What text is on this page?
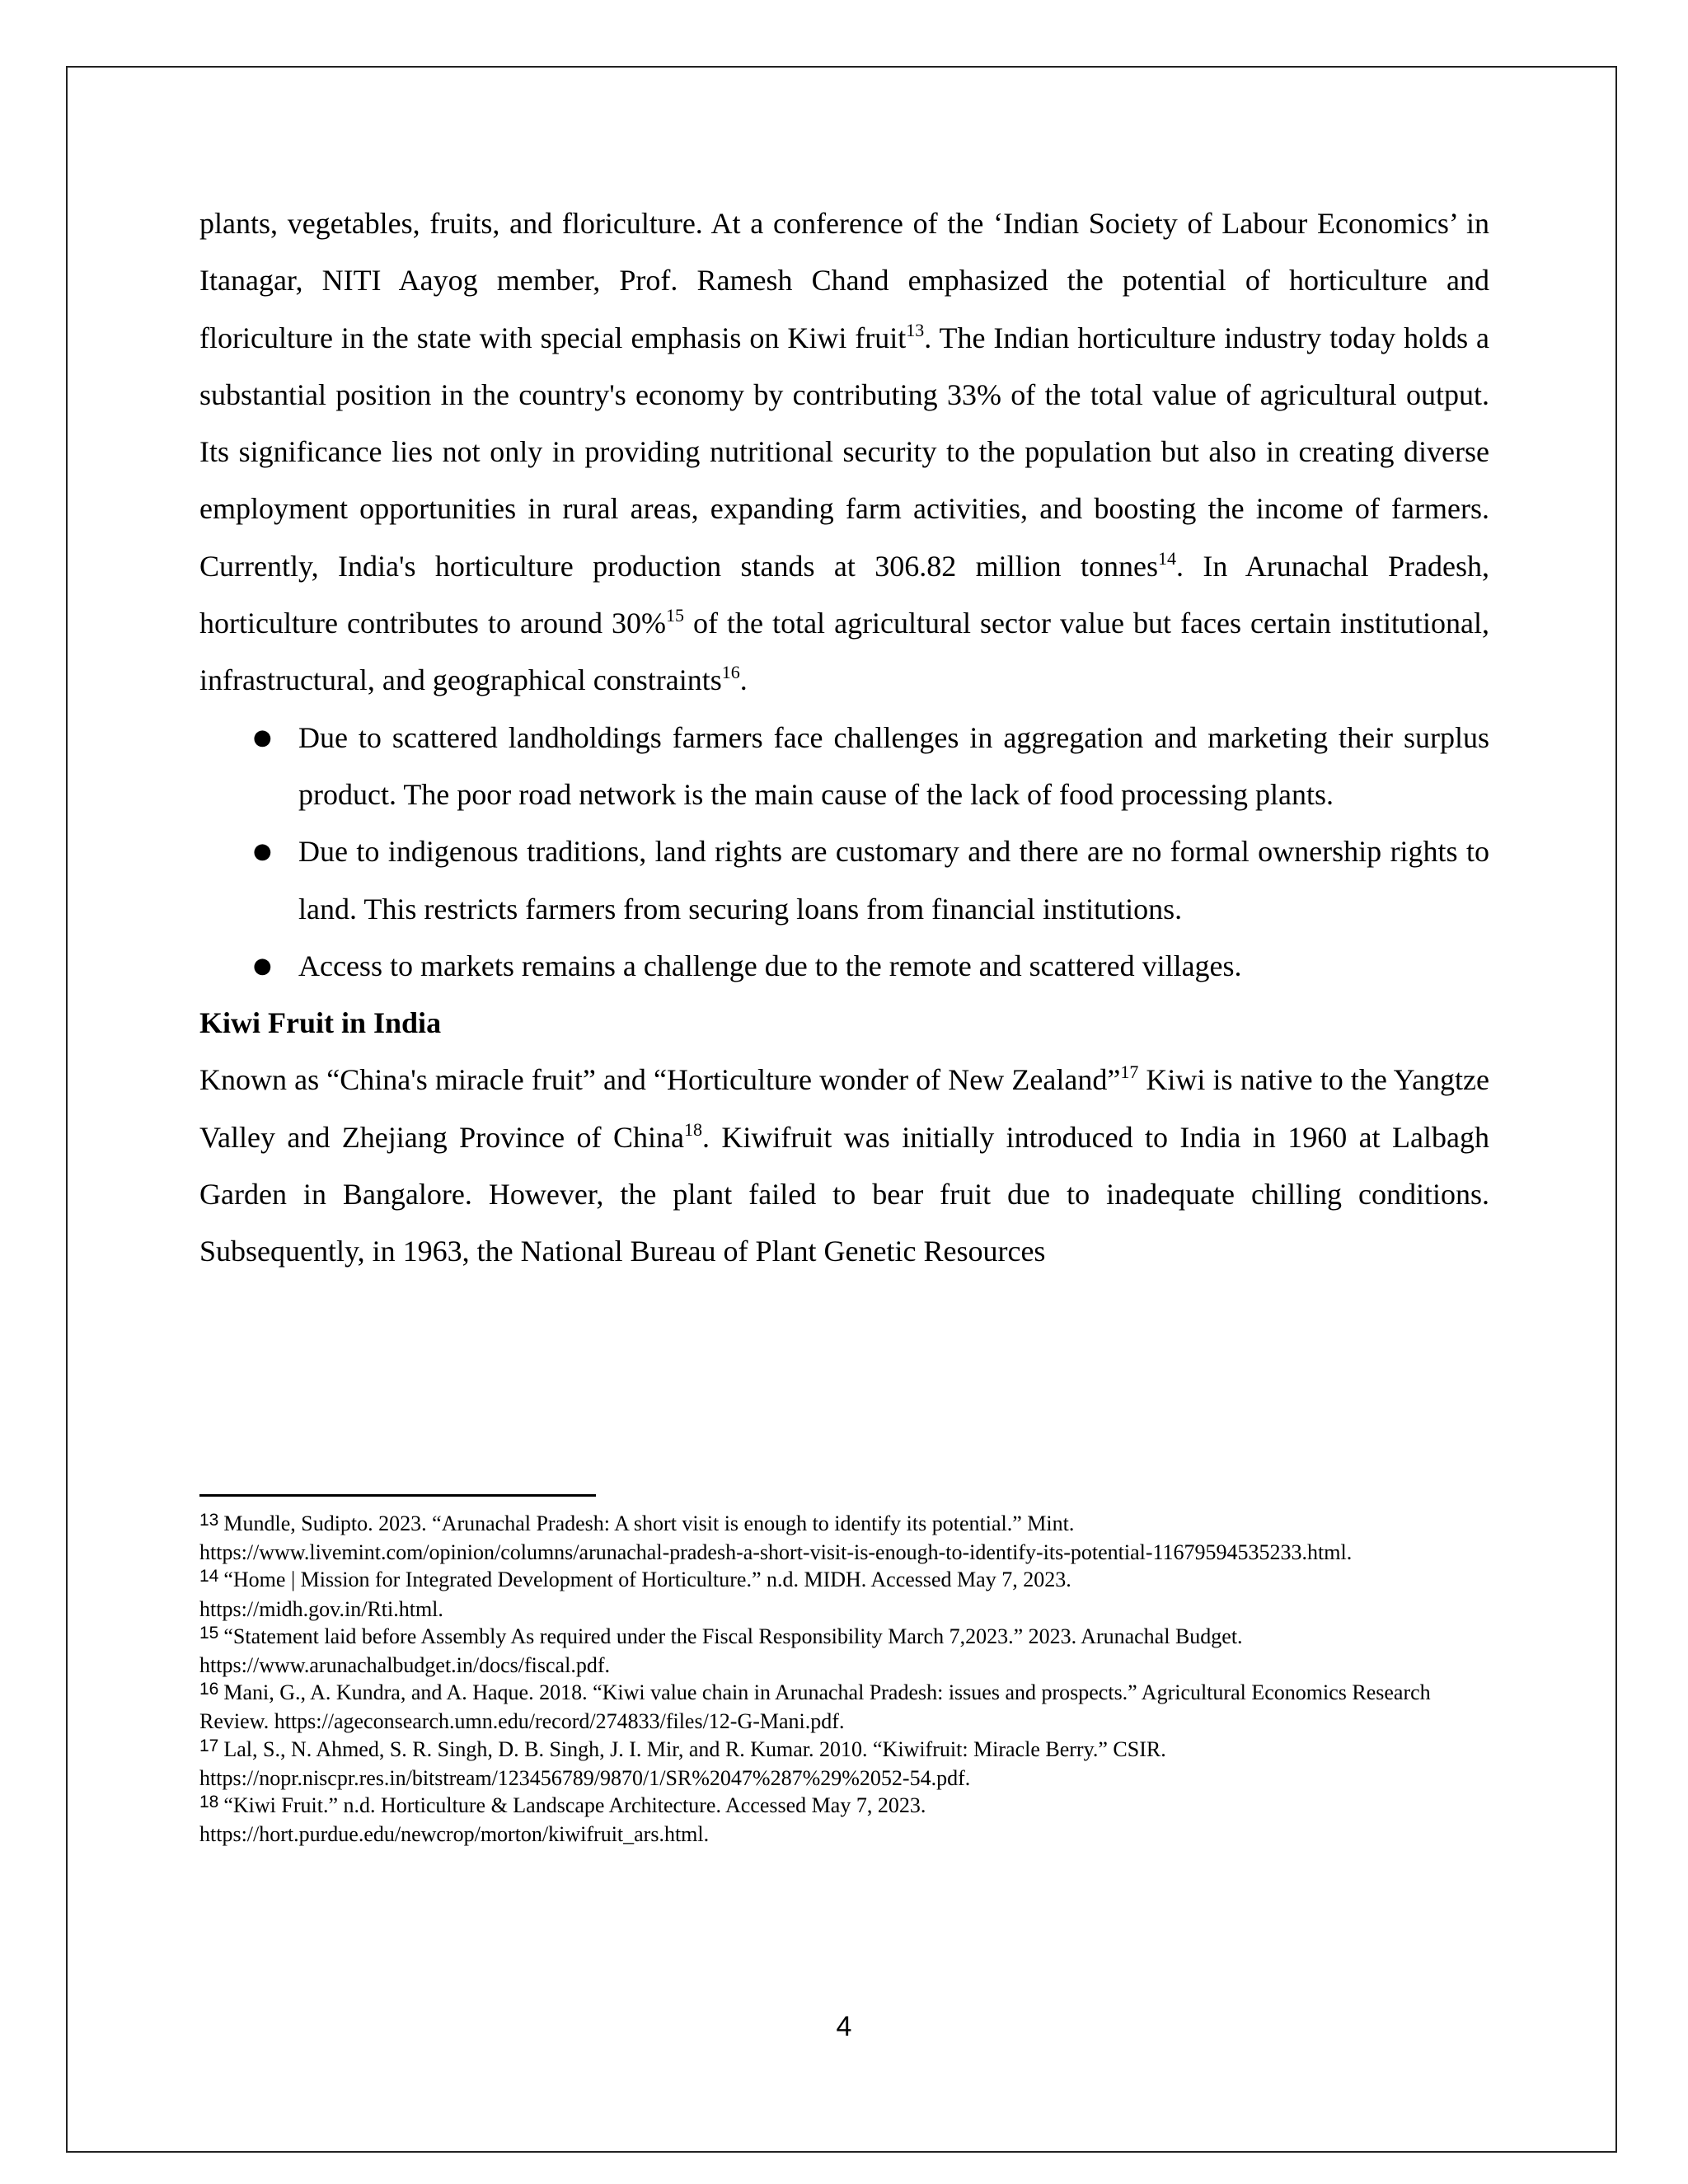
plants, vegetables, fruits, and floriculture. At a conference of the ‘Indian Society of Labour Economics’ in Itanagar, NITI Aayog member, Prof. Ramesh Chand emphasized the potential of horticulture and floriculture in the state with special emphasis on Kiwi fruit$^{13}$. The Indian horticulture industry today holds a substantial position in the country's economy by contributing 33% of the total value of agricultural output. Its significance lies not only in providing nutritional security to the population but also in creating diverse employment opportunities in rural areas, expanding farm activities, and boosting the income of farmers. Currently, India's horticulture production stands at 306.82 million tonnes$^{14}$. In Arunachal Pradesh, horticulture contributes to around 30%$^{15}$ of the total agricultural sector value but faces certain institutional, infrastructural, and geographical constraints$^{16}$.

● Due to scattered landholdings farmers face challenges in aggregation and marketing their surplus product. The poor road network is the main cause of the lack of food processing plants.
● Due to indigenous traditions, land rights are customary and there are no formal ownership rights to land. This restricts farmers from securing loans from financial institutions.
● Access to markets remains a challenge due to the remote and scattered villages.

Kiwi Fruit in India

Known as “China's miracle fruit” and “Horticulture wonder of New Zealand”$^{17}$ Kiwi is native to the Yangtze Valley and Zhejiang Province of China$^{18}$. Kiwifruit was initially introduced to India in 1960 at Lalbagh Garden in Bangalore. However, the plant failed to bear fruit due to inadequate chilling conditions. Subsequently, in 1963, the National Bureau of Plant Genetic Resources

$^{13}$ Mundle, Sudipto. 2023. “Arunachal Pradesh: A short visit is enough to identify its potential.” Mint.
https://www.livemint.com/opinion/columns/arunachal-pradesh-a-short-visit-is-enough-to-identify-its-potential-11679594535233.html.

$^{14}$ “Home | Mission for Integrated Development of Horticulture.” n.d. MIDH. Accessed May 7, 2023.
https://midh.gov.in/Rti.html.

$^{15}$ “Statement laid before Assembly As required under the Fiscal Responsibility March 7,2023.” 2023. Arunachal Budget.
https://www.arunachalbudget.in/docs/fiscal.pdf.

$^{16}$ Mani, G., A. Kundra, and A. Haque. 2018. “Kiwi value chain in Arunachal Pradesh: issues and prospects.” Agricultural Economics Research Review. https://ageconsearch.umn.edu/record/274833/files/12-G-Mani.pdf.

$^{17}$ Lal, S., N. Ahmed, S. R. Singh, D. B. Singh, J. I. Mir, and R. Kumar. 2010. “Kiwifruit: Miracle Berry.” CSIR.
https://nopr.niscpr.res.in/bitstream/123456789/9870/1/SR%2047%287%29%2052-54.pdf.

$^{18}$ “Kiwi Fruit.” n.d. Horticulture & Landscape Architecture. Accessed May 7, 2023.
https://hort.purdue.edu/newcrop/morton/kiwifruit_ars.html.

4
